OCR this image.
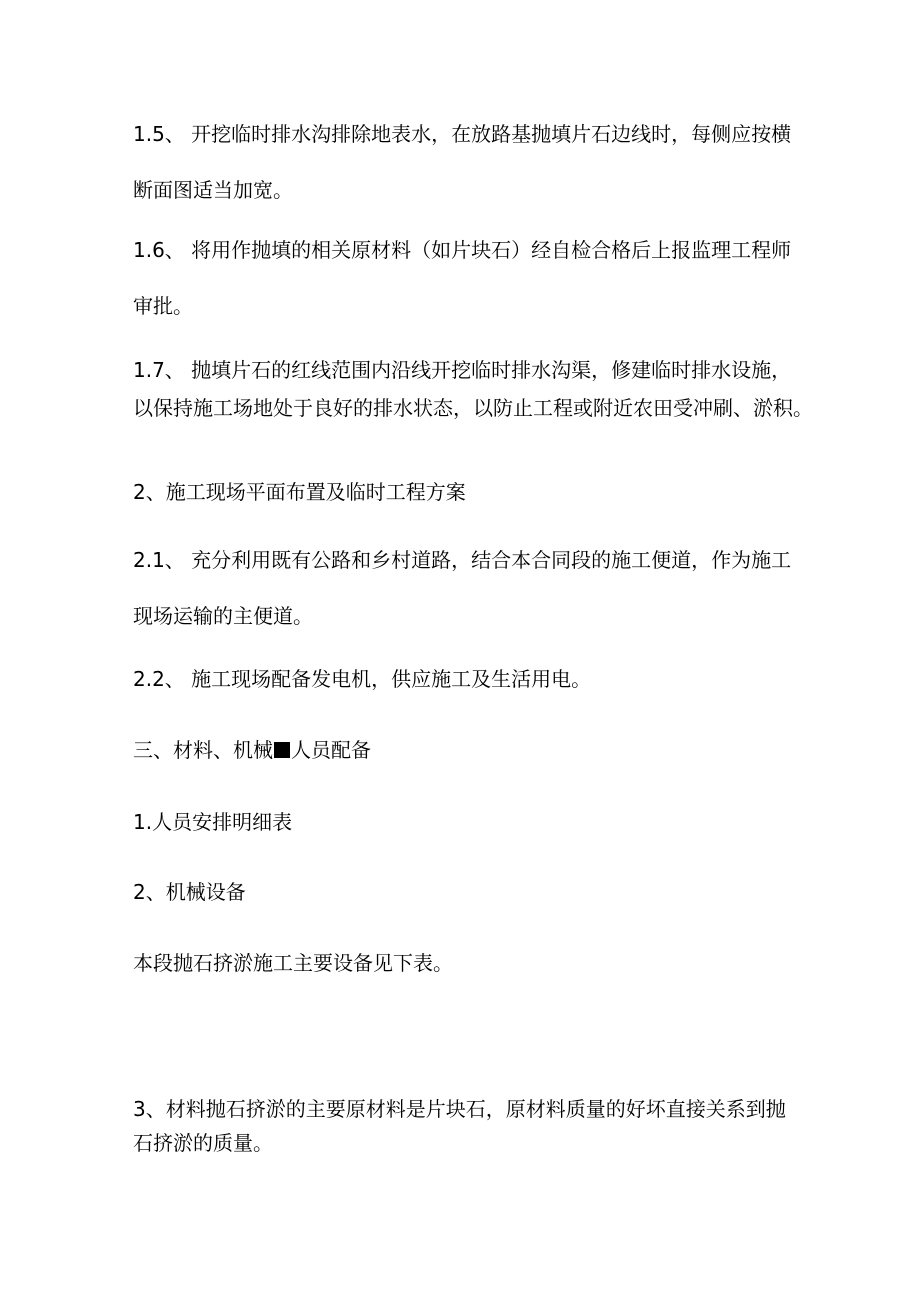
1.5、 开挖临时排水沟排除地表水，在放路基抛填片石边线时，每侧应按横
断面图适当加宽。

1.6、 将用作抛填的相关原材料（如片块石）经自检合格后上报监理工程师
审批。

1.7、 抛填片石的红线范围内沿线开挖临时排水沟渠，修建临时排水设施，
以保持施工场地处于良好的排水状态，以防止工程或附近农田受冲刷、淤积。

2、施工现场平面布置及临时工程方案

2.1、 充分利用既有公路和乡村道路，结合本合同段的施工便道，作为施工
现场运输的主便道。

2.2、 施工现场配备发电机，供应施工及生活用电。

三、材料、机械 人员配备

1.人员安排明细表

2、机械设备

本段抛石挤淤施工主要设备见下表。

3、材料抛石挤淤的主要原材料是片块石，原材料质量的好坏直接关系到抛
石挤淤的质量。
